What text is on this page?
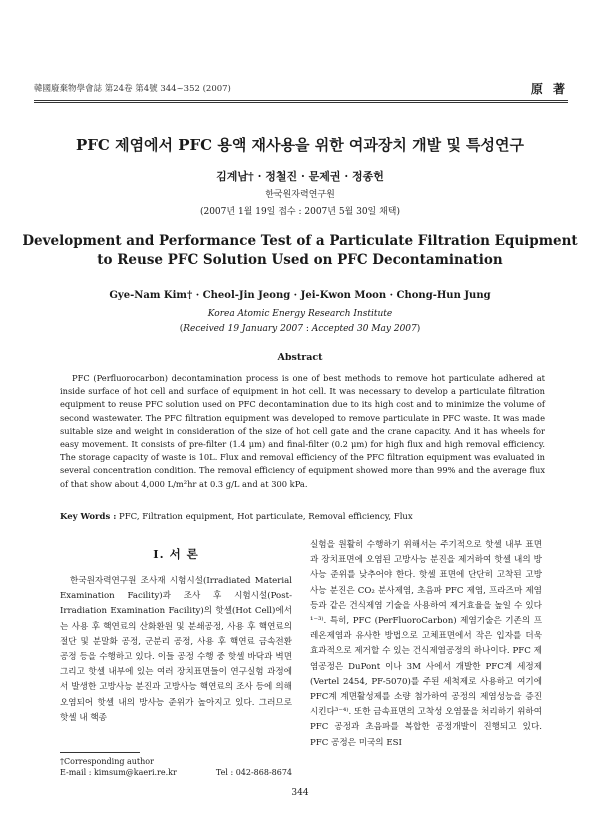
韓國廢棄物學會誌 第24卷 第4號 344~352 (2007)	原 著
PFC 제염에서 PFC 용액 재사용을 위한 여과장치 개발 및 특성연구
김계남† · 정철진 · 문제권 · 정종헌
한국원자력연구원
(2007년 1월 19일 접수 : 2007년 5월 30일 채택)
Development and Performance Test of a Particulate Filtration Equipment
to Reuse PFC Solution Used on PFC Decontamination
Gye-Nam Kim† · Cheol-Jin Jeong · Jei-Kwon Moon · Chong-Hun Jung
Korea Atomic Energy Research Institute
(Received 19 January 2007 : Accepted 30 May 2007)
Abstract

PFC (Perfluorocarbon) decontamination process is one of best methods to remove hot particulate adhered at inside surface of hot cell and surface of equipment in hot cell. It was necessary to develop a particulate filtration equipment to reuse PFC solution used on PFC decontamination due to its high cost and to minimize the volume of second wastewater. The PFC filtration equipment was developed to remove particulate in PFC waste. It was made suitable size and weight in consideration of the size of hot cell gate and the crane capacity. And it has wheels for easy movement. It consists of pre-filter (1.4 μm) and final-filter (0.2 μm) for high flux and high removal efficiency. The storage capacity of waste is 10L. Flux and removal efficiency of the PFC filtration equipment was evaluated in several concentration condition. The removal efficiency of equipment showed more than 99% and the average flux of that show about 4,000 L/m²hr at 0.3 g/L and at 300 kPa.

Key Words : PFC, Filtration equipment, Hot particulate, Removal efficiency, Flux
I. 서 론

한국원자력연구원 조사재 시험시설(Irradiated Material Examination Facility)과 조사 후 시험시설(Post-Irradiation Examination Facility)의 핫셀(Hot Cell)에서는 사용 후 핵연료의 산화환원 및 분쇄공정, 사용 후 핵연료의 절단 및 분말화 공정, 군분리 공정, 사용 후 핵연료 금속전환 공정 등을 수행하고 있다. 이들 공정 수행 중 핫셀 바닥과 벽면 그리고 핫셀 내부에 있는 여러 장치표면들이 연구실험 과정에서 발생한 고방사능 분진과 고방사능 핵연료의 조사 등에 의해 오염되어 핫셀 내의 방사능 준위가 높아지고 있다. 그러므로 핫셀 내 핵종

실험을 원활히 수행하기 위해서는 주기적으로 핫셀 내부 표면과 장치표면에 오염된 고방사능 분진을 제거하여 핫셀 내의 방사능 준위를 낮추어야 한다. 핫셀 표면에 단단히 고착된 고방사능 분진은 CO₂ 분사제염, 초음파 PFC 제염, 프라즈마 제염 등과 같은 건식제염 기술을 사용하여 제거효율을 높일 수 있다¹⁻³⁾. 특히, PFC (PerFluoroCarbon) 제염기술은 기존의 프레온제염과 유사한 방법으로 고체표면에서 작은 입자를 더욱 효과적으로 제거할 수 있는 건식제염공정의 하나이다. PFC 제염공정은 DuPont 이나 3M 사에서 개발한 PFC계 세정제(Vertel 2454, PF-5070)를 주된 세척제로 사용하고 여기에 PFC계 계면활성제를 소량 첨가하여 공정의 제염성능을 증진시킨다³⁻⁴⁾. 또한 금속표면의 고착성 오염물을 처리하기 위하여 PFC 공정과 초음파를 복합한 공정개발이 진행되고 있다. PFC 공정은 미국의 ESI

†Corresponding author
E-mail : kimsum@kaeri.re.kr	Tel : 042-868-8674
344
